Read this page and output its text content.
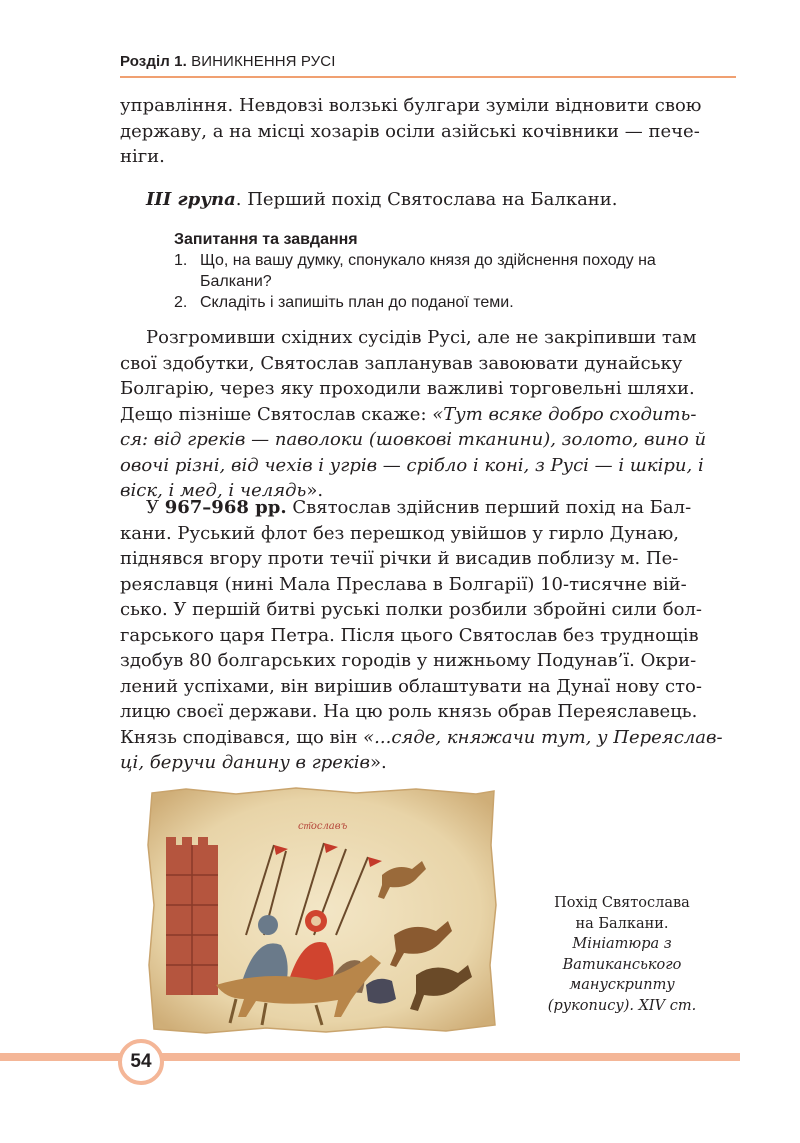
Розділ 1. ВИНИКНЕННЯ РУСІ

управління. Невдовзі волзькі булгари зуміли відновити свою

державу, а на місці хозарів осіли азійські кочівники — пече-

ніги.

ІІІ група. Перший похід Святослава на Балкани.
Запитання та завдання
1. Що, на вашу думку, спонукало князя до здійснення походу на
Балкани?
2. Складіть і запишіть план до поданої теми.

Розгромивши східних сусідів Русі, але не закріпивши там

свої здобутки, Святослав запланував завоювати дунайську

Болгарію, через яку проходили важливі торговельні шляхи.

Дещо пізніше Святослав скаже: «Тут всяке добро сходить-

ся: від греків — паволоки (шовкові тканини), золото, вино й

овочі різні, від чехів і угрів — срібло і коні, з Русі — і шкіри, і

віск, і мед, і челядь».

У 967–968 рр. Святослав здійснив перший похід на Бал-

кани. Руський флот без перешкод увійшов у гирло Дунаю,

піднявся вгору проти течії річки й висадив поблизу м. Пе-

реяславця (нині Мала Преслава в Болгарії) 10-тисячне вій-

сько. У першій битві руські полки розбили збройні сили бол-

гарського царя Петра. Після цього Святослав без труднощів

здобув 80 болгарських городів у нижньому Подунав’ї. Окри-

лений успіхами, він вирішив облаштувати на Дунаї нову сто-

лицю своєї держави. На цю роль князь обрав Переяславець.

Князь сподівався, що він «...сяде, княжачи тут, у Переяслав-

ці, беручи данину в греків».

ст҃ославъ
Похід Святослава
на Балкани.
Мініатюра з
Ватиканського
манускрипту
(рукопису). XIV ст.
54
